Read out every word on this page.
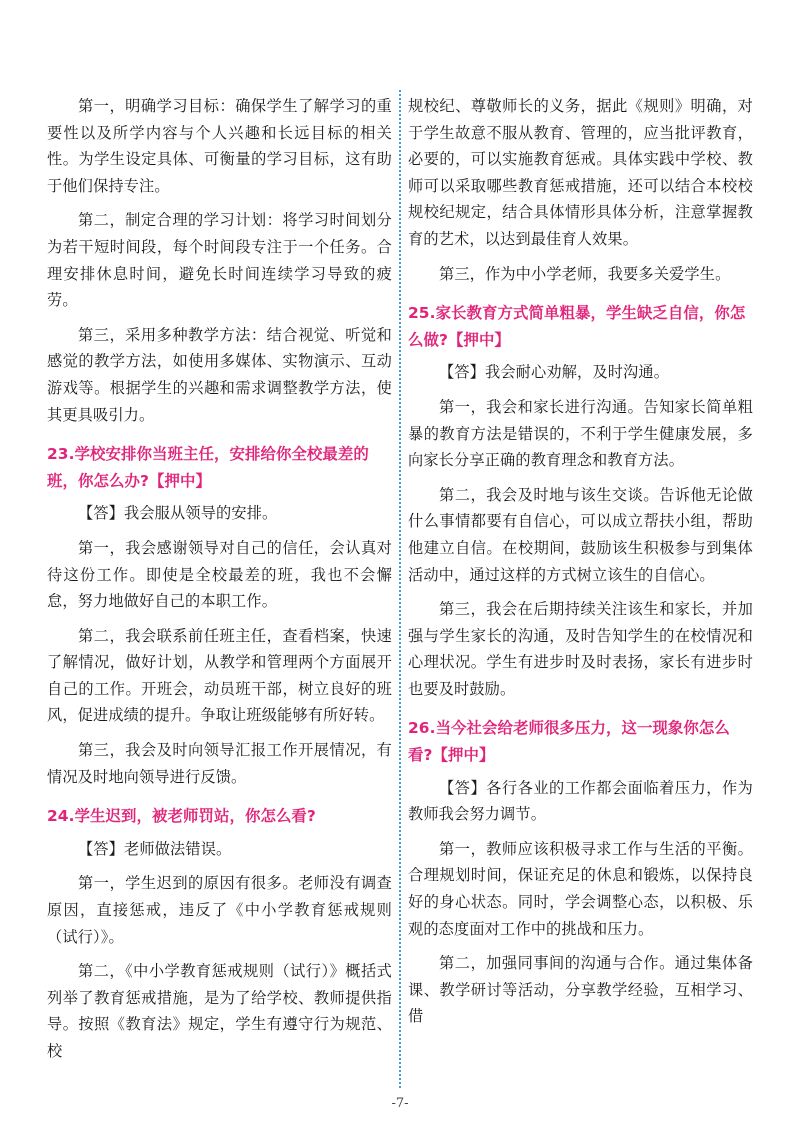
第一，明确学习目标：确保学生了解学习的重要性以及所学内容与个人兴趣和长远目标的相关性。为学生设定具体、可衡量的学习目标，这有助于他们保持专注。

第二，制定合理的学习计划：将学习时间划分为若干短时间段，每个时间段专注于一个任务。合理安排休息时间，避免长时间连续学习导致的疲劳。

第三，采用多种教学方法：结合视觉、听觉和感觉的教学方法，如使用多媒体、实物演示、互动游戏等。根据学生的兴趣和需求调整教学方法，使其更具吸引力。

23.学校安排你当班主任，安排给你全校最差的班，你怎么办?【押中】

【答】我会服从领导的安排。

第一，我会感谢领导对自己的信任，会认真对待这份工作。即使是全校最差的班，我也不会懈怠，努力地做好自己的本职工作。

第二，我会联系前任班主任，查看档案，快速了解情况，做好计划，从教学和管理两个方面展开自己的工作。开班会，动员班干部，树立良好的班风，促进成绩的提升。争取让班级能够有所好转。

第三，我会及时向领导汇报工作开展情况，有情况及时地向领导进行反馈。

24.学生迟到，被老师罚站，你怎么看?

【答】老师做法错误。

第一，学生迟到的原因有很多。老师没有调查原因，直接惩戒，违反了《中小学教育惩戒规则（试行）》。

第二，《中小学教育惩戒规则（试行）》概括式列举了教育惩戒措施，是为了给学校、教师提供指导。按照《教育法》规定，学生有遵守行为规范、校

规校纪、尊敬师长的义务，据此《规则》明确，对于学生故意不服从教育、管理的，应当批评教育，必要的，可以实施教育惩戒。具体实践中学校、教师可以采取哪些教育惩戒措施，还可以结合本校校规校纪规定，结合具体情形具体分析，注意掌握教育的艺术，以达到最佳育人效果。

第三，作为中小学老师，我要多关爱学生。

25.家长教育方式简单粗暴，学生缺乏自信，你怎么做?【押中】

【答】我会耐心劝解，及时沟通。

第一，我会和家长进行沟通。告知家长简单粗暴的教育方法是错误的，不利于学生健康发展，多向家长分享正确的教育理念和教育方法。

第二，我会及时地与该生交谈。告诉他无论做什么事情都要有自信心，可以成立帮扶小组，帮助他建立自信。在校期间，鼓励该生积极参与到集体活动中，通过这样的方式树立该生的自信心。

第三，我会在后期持续关注该生和家长，并加强与学生家长的沟通，及时告知学生的在校情况和心理状况。学生有进步时及时表扬，家长有进步时也要及时鼓励。

26.当今社会给老师很多压力，这一现象你怎么看?【押中】

【答】各行各业的工作都会面临着压力，作为教师我会努力调节。

第一，教师应该积极寻求工作与生活的平衡。合理规划时间，保证充足的休息和锻炼，以保持良好的身心状态。同时，学会调整心态，以积极、乐观的态度面对工作中的挑战和压力。

第二，加强同事间的沟通与合作。通过集体备课、教学研讨等活动，分享教学经验，互相学习、借

-7-
